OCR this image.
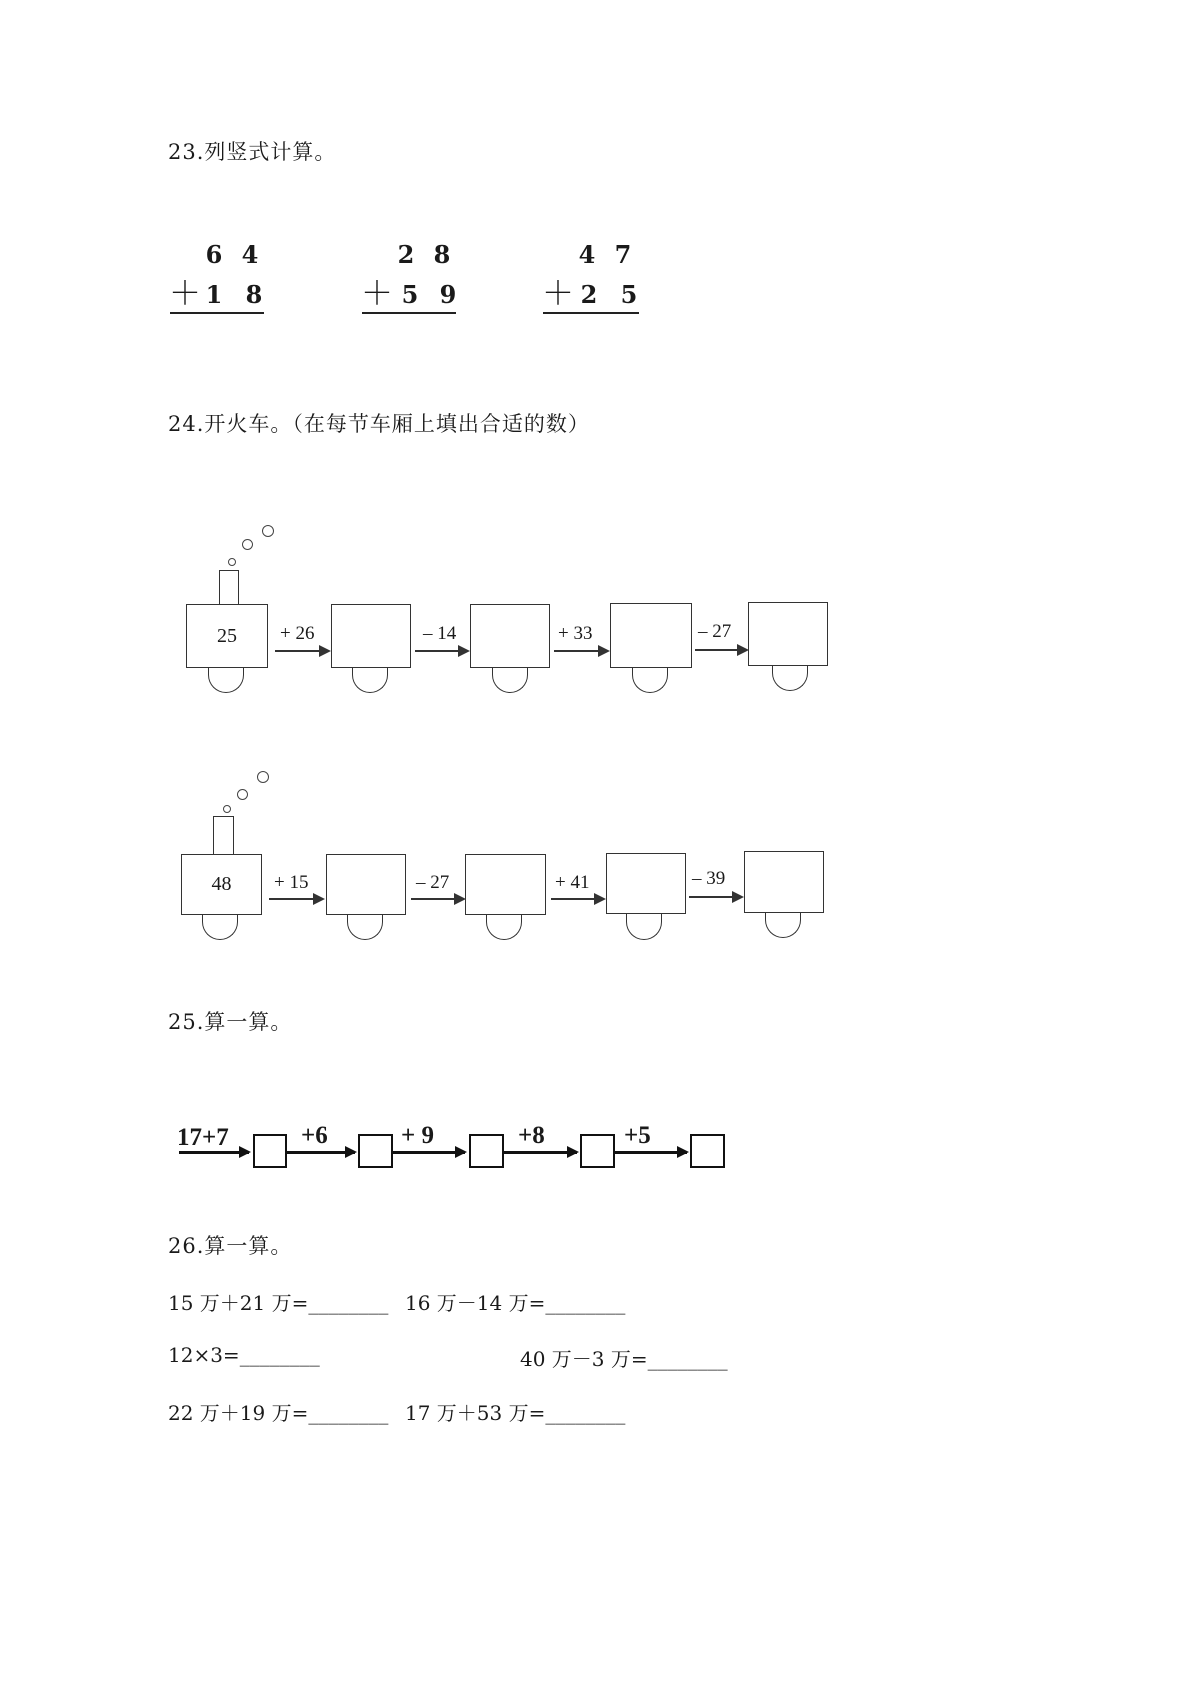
23.列竖式计算。
6 4
＋ 1 8
2 8
＋ 5 9
4 7
＋ 2 5
24.开火车。（在每节车厢上填出合适的数）
25 + 26	– 14	+ 33	– 27
48 + 15	– 27	+ 41	– 39
25.算一算。
17+7	+6	+ 9	+8	+5
26.算一算。
15 万＋21 万=________ 16 万－14 万=________
12×3=________	40 万－3 万=________
22 万＋19 万=________ 17 万＋53 万=________
